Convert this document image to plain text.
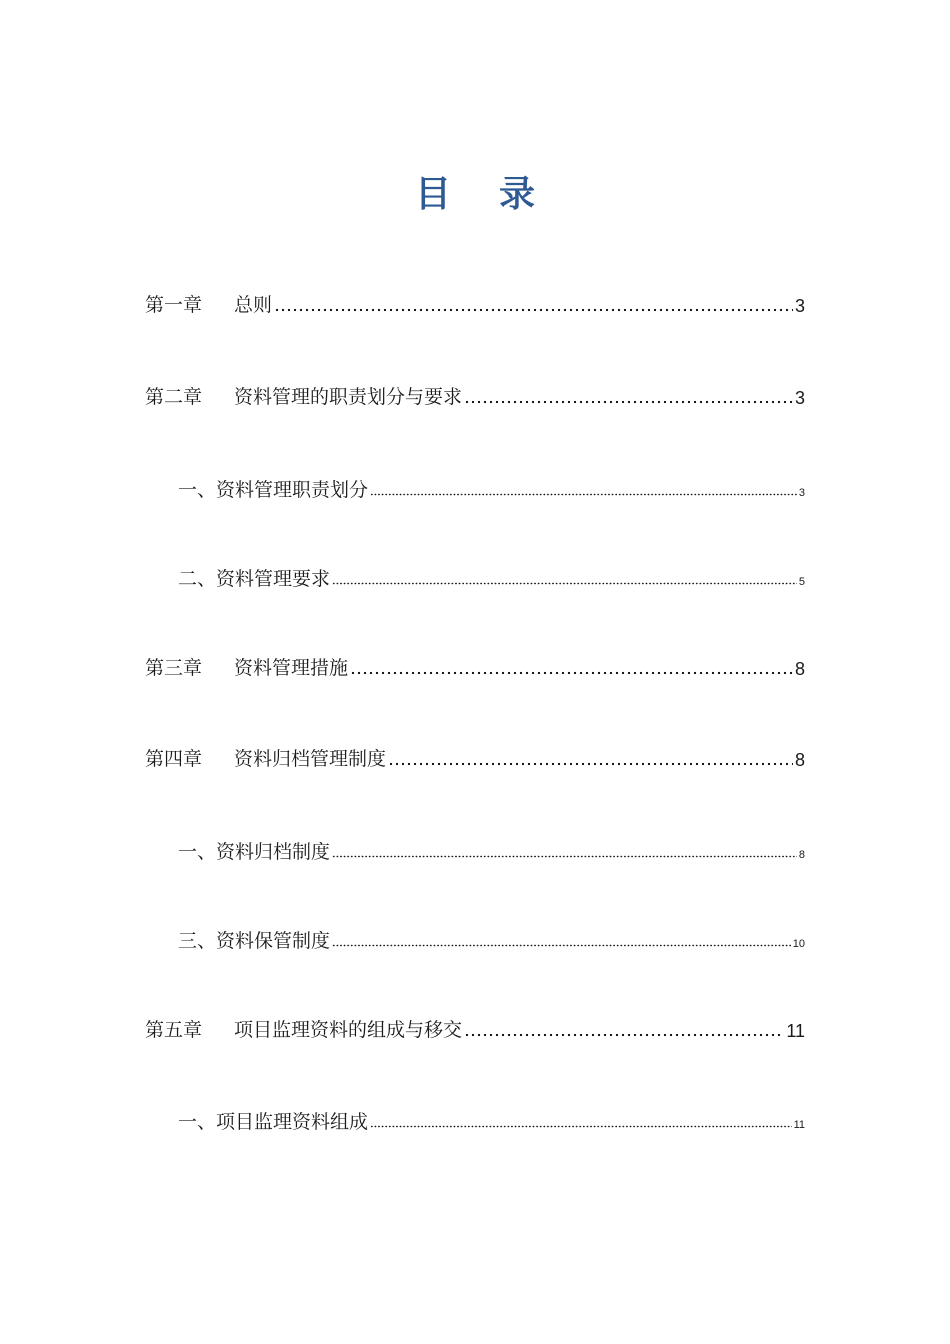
目录
第一章 总则	3
第二章 资料管理的职责划分与要求	3
一、资料管理职责划分	3
二、资料管理要求	5
第三章 资料管理措施	8
第四章 资料归档管理制度	8
一、资料归档制度	8
三、资料保管制度	10
第五章 项目监理资料的组成与移交	11
一、项目监理资料组成	11
